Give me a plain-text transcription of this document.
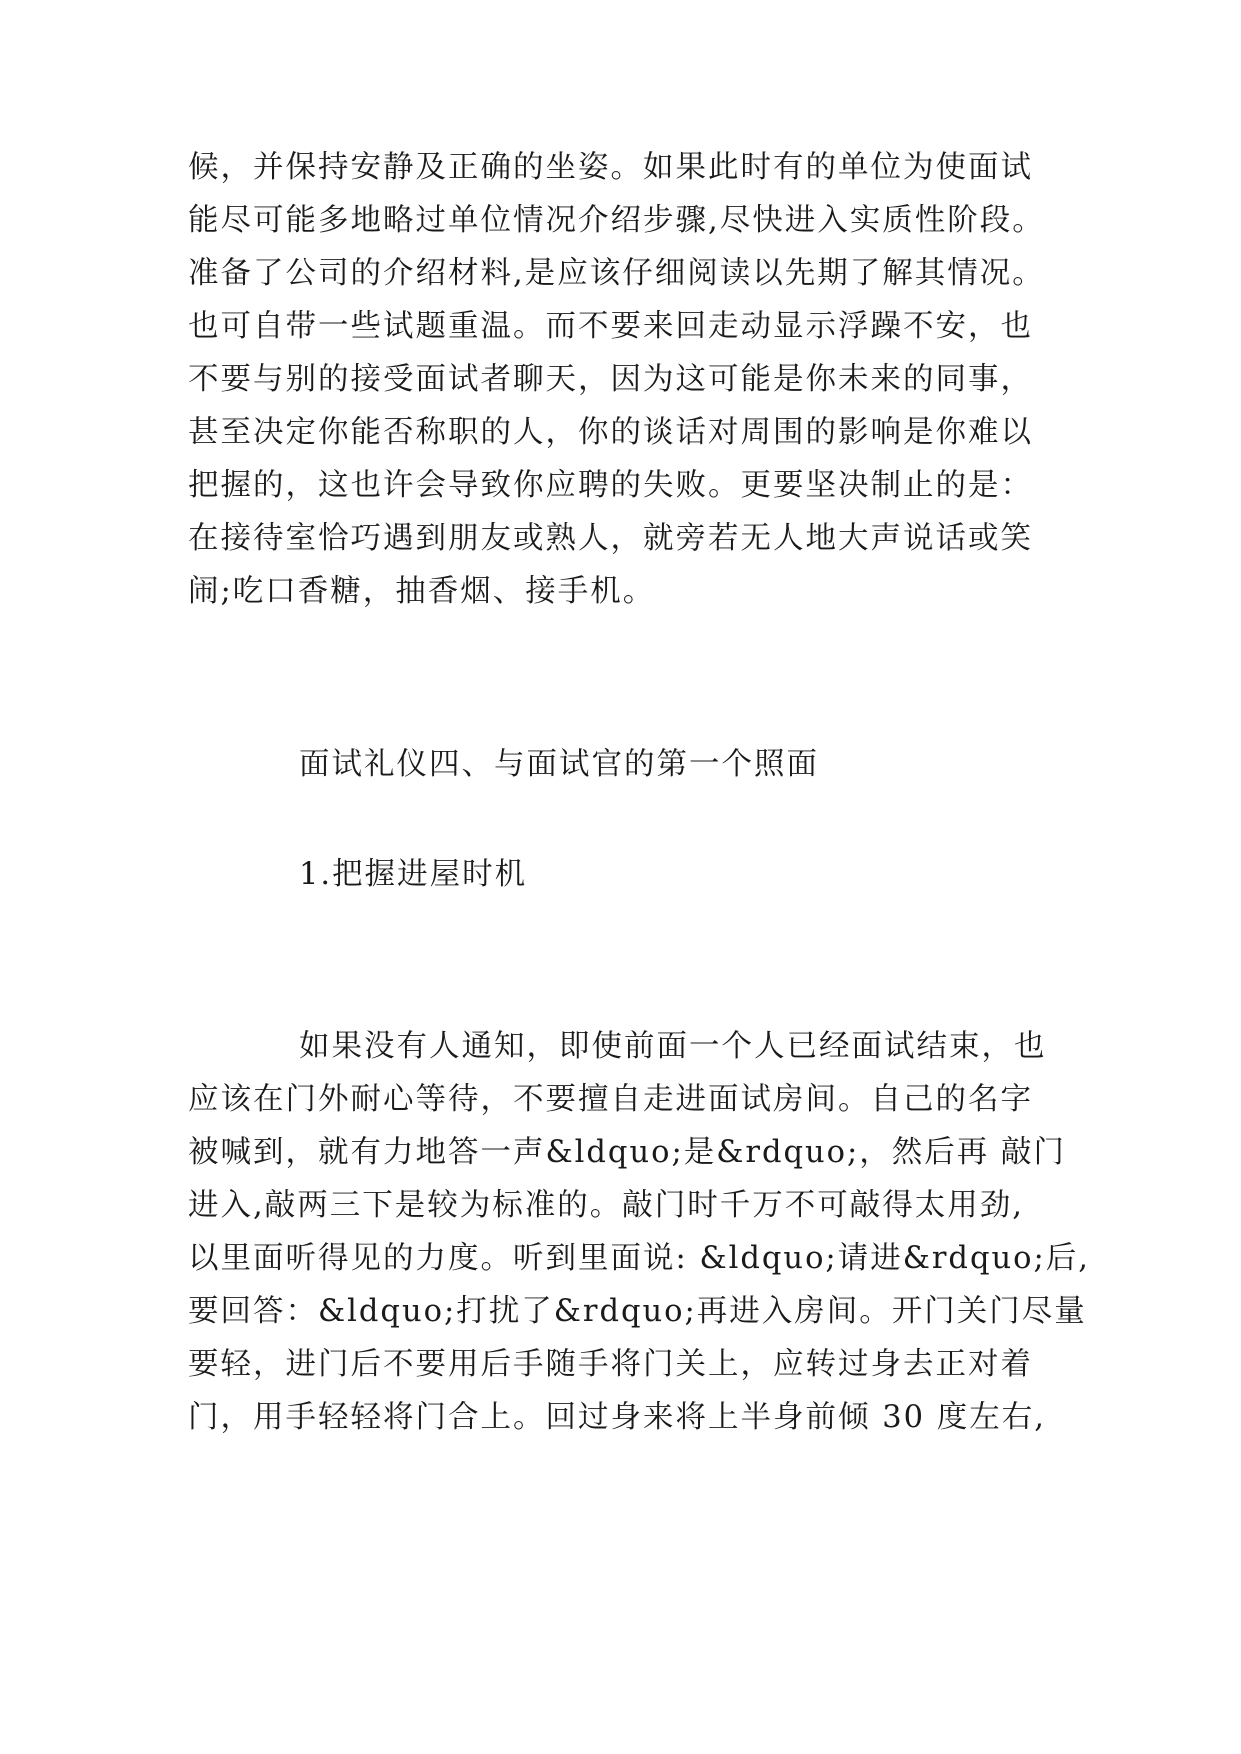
候，并保持安静及正确的坐姿。如果此时有的单位为使面试
能尽可能多地略过单位情况介绍步骤,尽快进入实质性阶段。
准备了公司的介绍材料,是应该仔细阅读以先期了解其情况。
也可自带一些试题重温。而不要来回走动显示浮躁不安，也
不要与别的接受面试者聊天，因为这可能是你未来的同事，
甚至决定你能否称职的人，你的谈话对周围的影响是你难以
把握的，这也许会导致你应聘的失败。更要坚决制止的是：
在接待室恰巧遇到朋友或熟人，就旁若无人地大声说话或笑
闹;吃口香糖，抽香烟、接手机。
面试礼仪四、与面试官的第一个照面
1.把握进屋时机
如果没有人通知，即使前面一个人已经面试结束，也
应该在门外耐心等待，不要擅自走进面试房间。自己的名字
被喊到，就有力地答一声&ldquo;是&rdquo;，然后再 敲门
进入,敲两三下是较为标准的。敲门时千万不可敲得太用劲,
以里面听得见的力度。听到里面说: &ldquo;请进&rdquo;后,
要回答：&ldquo;打扰了&rdquo;再进入房间。开门关门尽量
要轻，进门后不要用后手随手将门关上，应转过身去正对着
门，用手轻轻将门合上。回过身来将上半身前倾 30 度左右,
